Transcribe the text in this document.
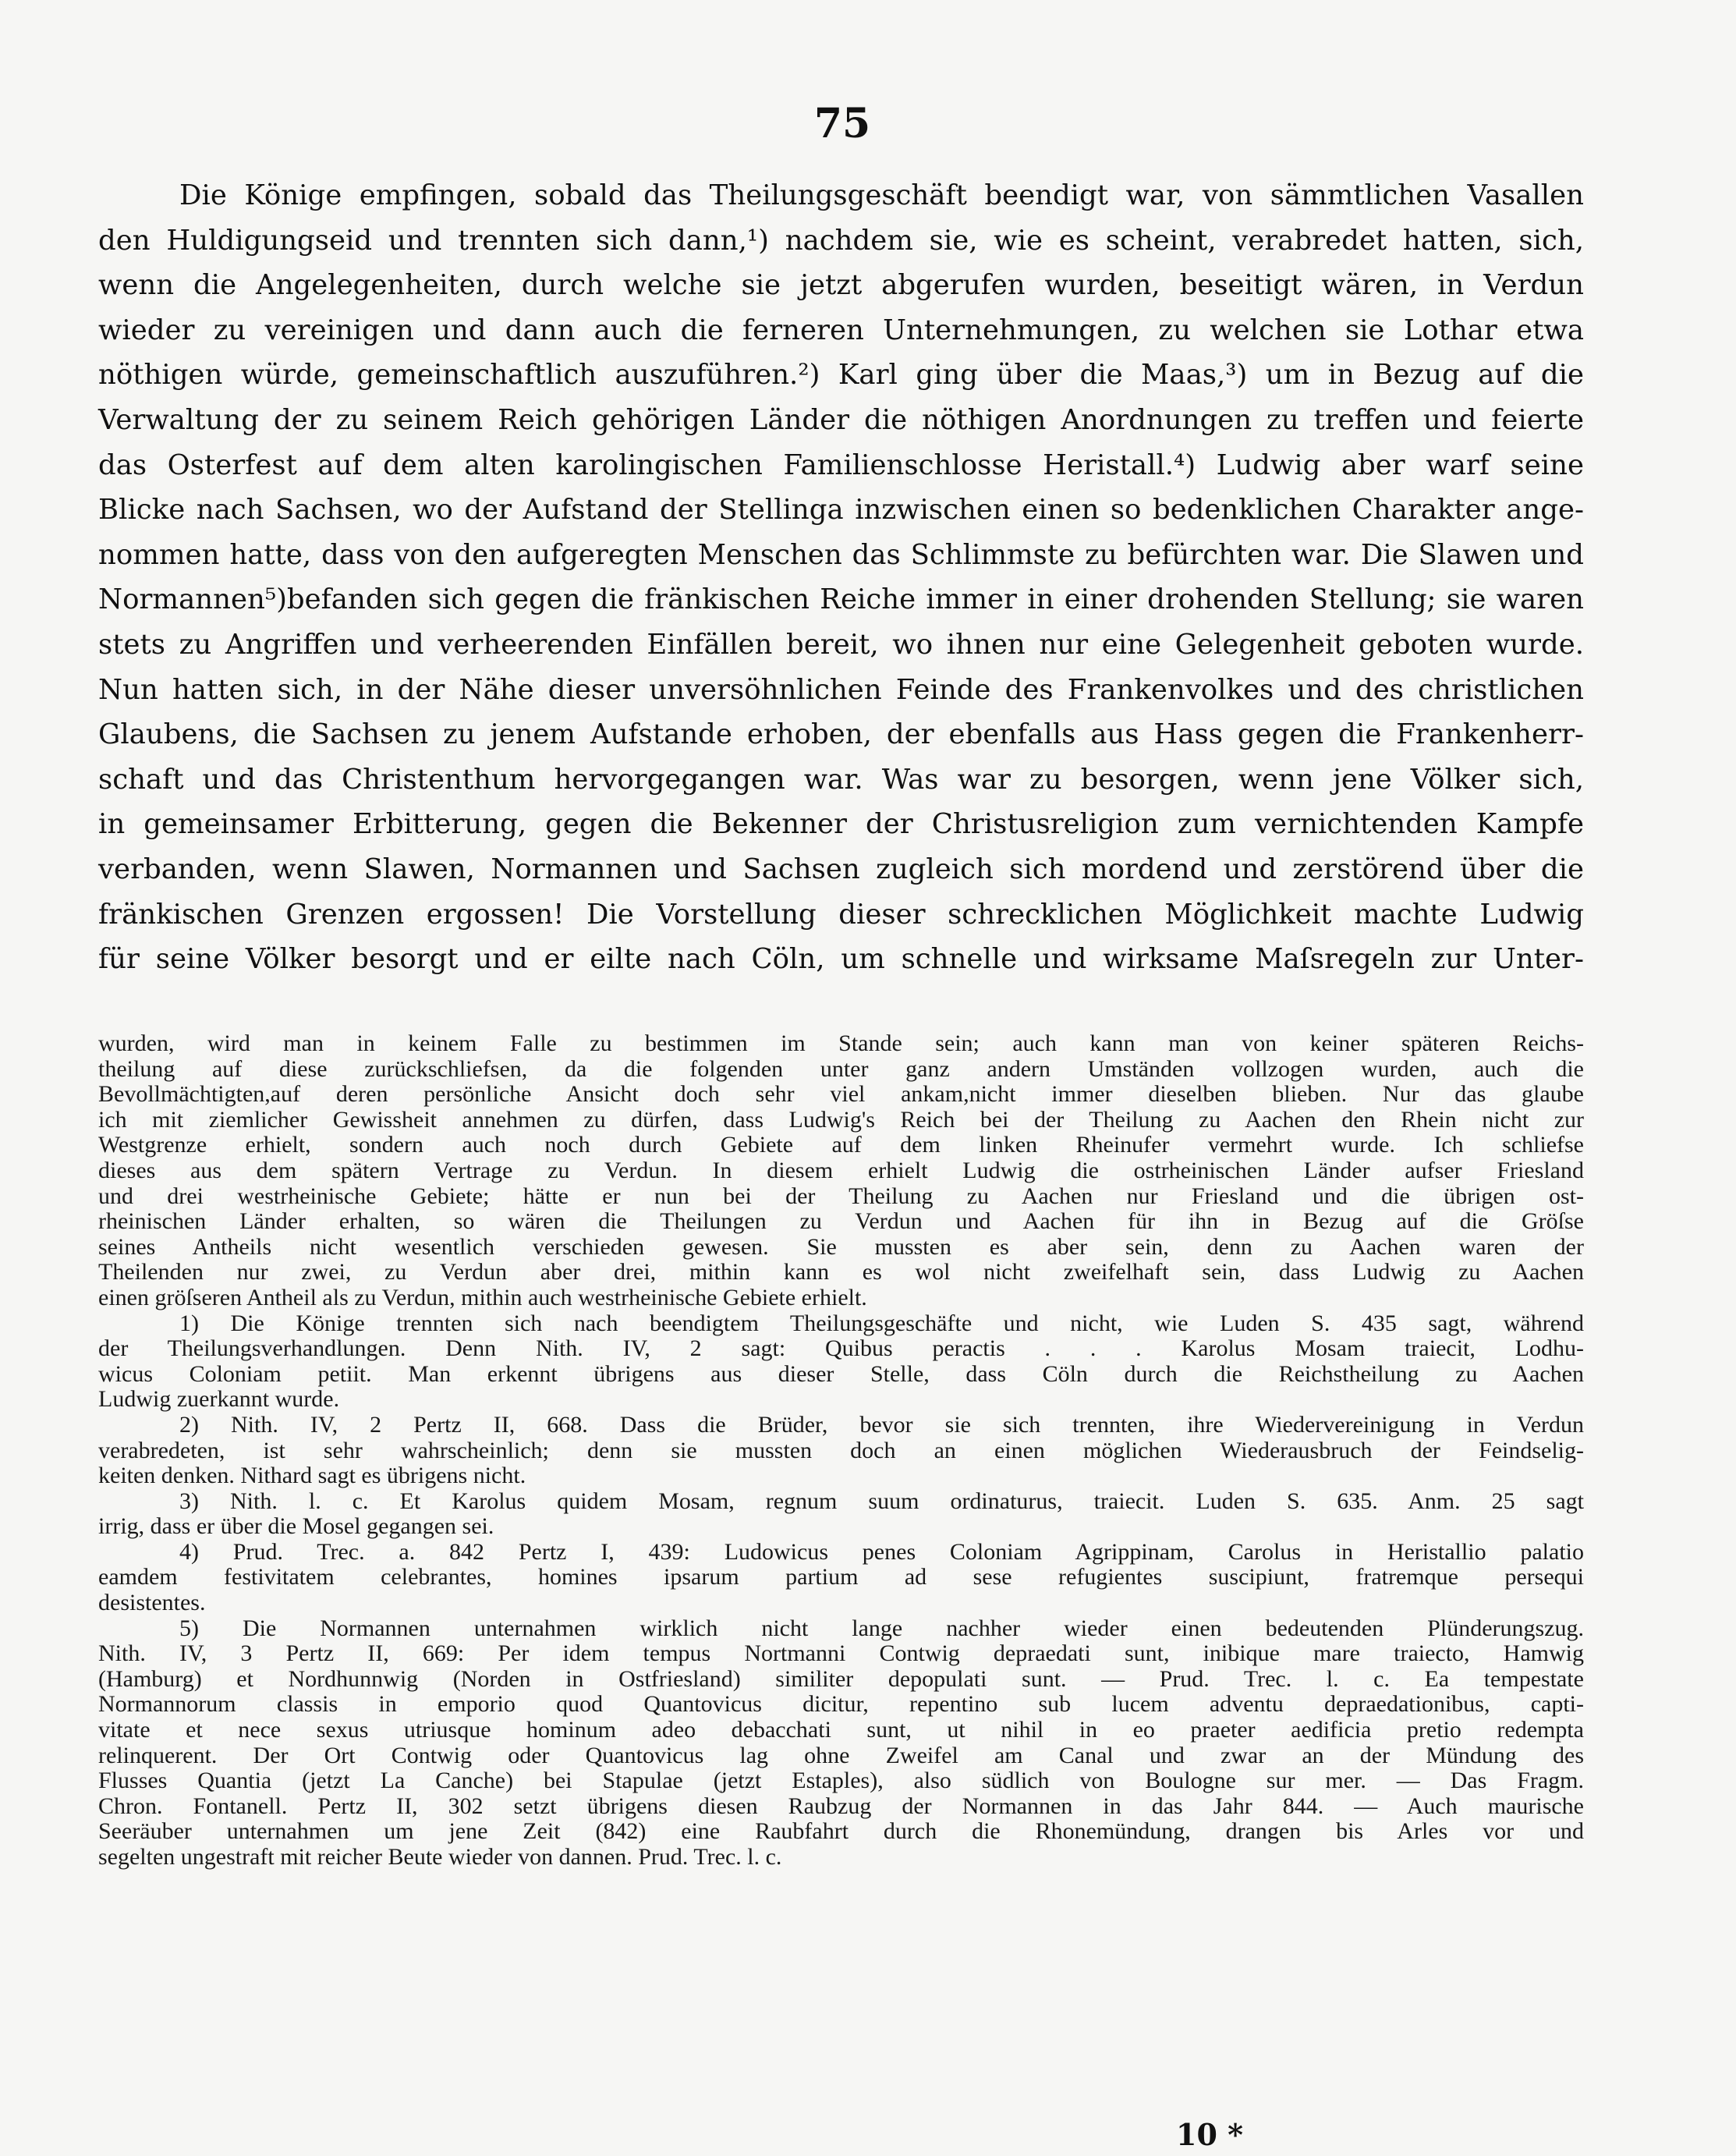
75
Die Könige empfingen, sobald das Theilungsgeschäft beendigt war, von sämmtlichen Vasallen
den Huldigungseid und trennten sich dann,¹) nachdem sie, wie es scheint, verabredet hatten, sich,
wenn die Angelegenheiten, durch welche sie jetzt abgerufen wurden, beseitigt wären, in Verdun
wieder zu vereinigen und dann auch die ferneren Unternehmungen, zu welchen sie Lothar etwa
nöthigen würde, gemeinschaftlich auszuführen.²) Karl ging über die Maas,³) um in Bezug auf die
Verwaltung der zu seinem Reich gehörigen Länder die nöthigen Anordnungen zu treffen und feierte
das Osterfest auf dem alten karolingischen Familienschlosse Heristall.⁴) Ludwig aber warf seine
Blicke nach Sachsen, wo der Aufstand der Stellinga inzwischen einen so bedenklichen Charakter ange-
nommen hatte, dass von den aufgeregten Menschen das Schlimmste zu befürchten war. Die Slawen und
Normannen⁵)befanden sich gegen die fränkischen Reiche immer in einer drohenden Stellung; sie waren
stets zu Angriffen und verheerenden Einfällen bereit, wo ihnen nur eine Gelegenheit geboten wurde.
Nun hatten sich, in der Nähe dieser unversöhnlichen Feinde des Frankenvolkes und des christlichen
Glaubens, die Sachsen zu jenem Aufstande erhoben, der ebenfalls aus Hass gegen die Frankenherr-
schaft und das Christenthum hervorgegangen war. Was war zu besorgen, wenn jene Völker sich,
in gemeinsamer Erbitterung, gegen die Bekenner der Christusreligion zum vernichtenden Kampfe
verbanden, wenn Slawen, Normannen und Sachsen zugleich sich mordend und zerstörend über die
fränkischen Grenzen ergossen! Die Vorstellung dieser schrecklichen Möglichkeit machte Ludwig
für seine Völker besorgt und er eilte nach Cöln, um schnelle und wirksame Maſsregeln zur Unter-
wurden, wird man in keinem Falle zu bestimmen im Stande sein; auch kann man von keiner späteren Reichs-
theilung auf diese zurückschliefsen, da die folgenden unter ganz andern Umständen vollzogen wurden, auch die
Bevollmächtigten,auf deren persönliche Ansicht doch sehr viel ankam,nicht immer dieselben blieben. Nur das glaube
ich mit ziemlicher Gewissheit annehmen zu dürfen, dass Ludwig's Reich bei der Theilung zu Aachen den Rhein nicht zur
Westgrenze erhielt, sondern auch noch durch Gebiete auf dem linken Rheinufer vermehrt wurde. Ich schliefse
dieses aus dem spätern Vertrage zu Verdun. In diesem erhielt Ludwig die ostrheinischen Länder aufser Friesland
und drei westrheinische Gebiete; hätte er nun bei der Theilung zu Aachen nur Friesland und die übrigen ost-
rheinischen Länder erhalten, so wären die Theilungen zu Verdun und Aachen für ihn in Bezug auf die Gröſse
seines Antheils nicht wesentlich verschieden gewesen. Sie mussten es aber sein, denn zu Aachen waren der
Theilenden nur zwei, zu Verdun aber drei, mithin kann es wol nicht zweifelhaft sein, dass Ludwig zu Aachen
einen gröſseren Antheil als zu Verdun, mithin auch westrheinische Gebiete erhielt.
1) Die Könige trennten sich nach beendigtem Theilungsgeschäfte und nicht, wie Luden S. 435 sagt, während
der Theilungsverhandlungen. Denn Nith. IV, 2 sagt: Quibus peractis . . . Karolus Mosam traiecit, Lodhu-
wicus Coloniam petiit. Man erkennt übrigens aus dieser Stelle, dass Cöln durch die Reichstheilung zu Aachen
Ludwig zuerkannt wurde.
2) Nith. IV, 2 Pertz II, 668. Dass die Brüder, bevor sie sich trennten, ihre Wiedervereinigung in Verdun
verabredeten, ist sehr wahrscheinlich; denn sie mussten doch an einen möglichen Wiederausbruch der Feindselig-
keiten denken. Nithard sagt es übrigens nicht.
3) Nith. l. c. Et Karolus quidem Mosam, regnum suum ordinaturus, traiecit. Luden S. 635. Anm. 25 sagt
irrig, dass er über die Mosel gegangen sei.
4) Prud. Trec. a. 842 Pertz I, 439: Ludowicus penes Coloniam Agrippinam, Carolus in Heristallio palatio
eamdem festivitatem celebrantes, homines ipsarum partium ad sese refugientes suscipiunt, fratremque persequi
desistentes.
5) Die Normannen unternahmen wirklich nicht lange nachher wieder einen bedeutenden Plünderungszug.
Nith. IV, 3 Pertz II, 669: Per idem tempus Nortmanni Contwig depraedati sunt, inibique mare traiecto, Hamwig
(Hamburg) et Nordhunnwig (Norden in Ostfriesland) similiter depopulati sunt. — Prud. Trec. l. c. Ea tempestate
Normannorum classis in emporio quod Quantovicus dicitur, repentino sub lucem adventu depraedationibus, capti-
vitate et nece sexus utriusque hominum adeo debacchati sunt, ut nihil in eo praeter aedificia pretio redempta
relinquerent. Der Ort Contwig oder Quantovicus lag ohne Zweifel am Canal und zwar an der Mündung des
Flusses Quantia (jetzt La Canche) bei Stapulae (jetzt Estaples), also südlich von Boulogne sur mer. — Das Fragm.
Chron. Fontanell. Pertz II, 302 setzt übrigens diesen Raubzug der Normannen in das Jahr 844. — Auch maurische
Seeräuber unternahmen um jene Zeit (842) eine Raubfahrt durch die Rhonemündung, drangen bis Arles vor und
segelten ungestraft mit reicher Beute wieder von dannen. Prud. Trec. l. c.
10 *
